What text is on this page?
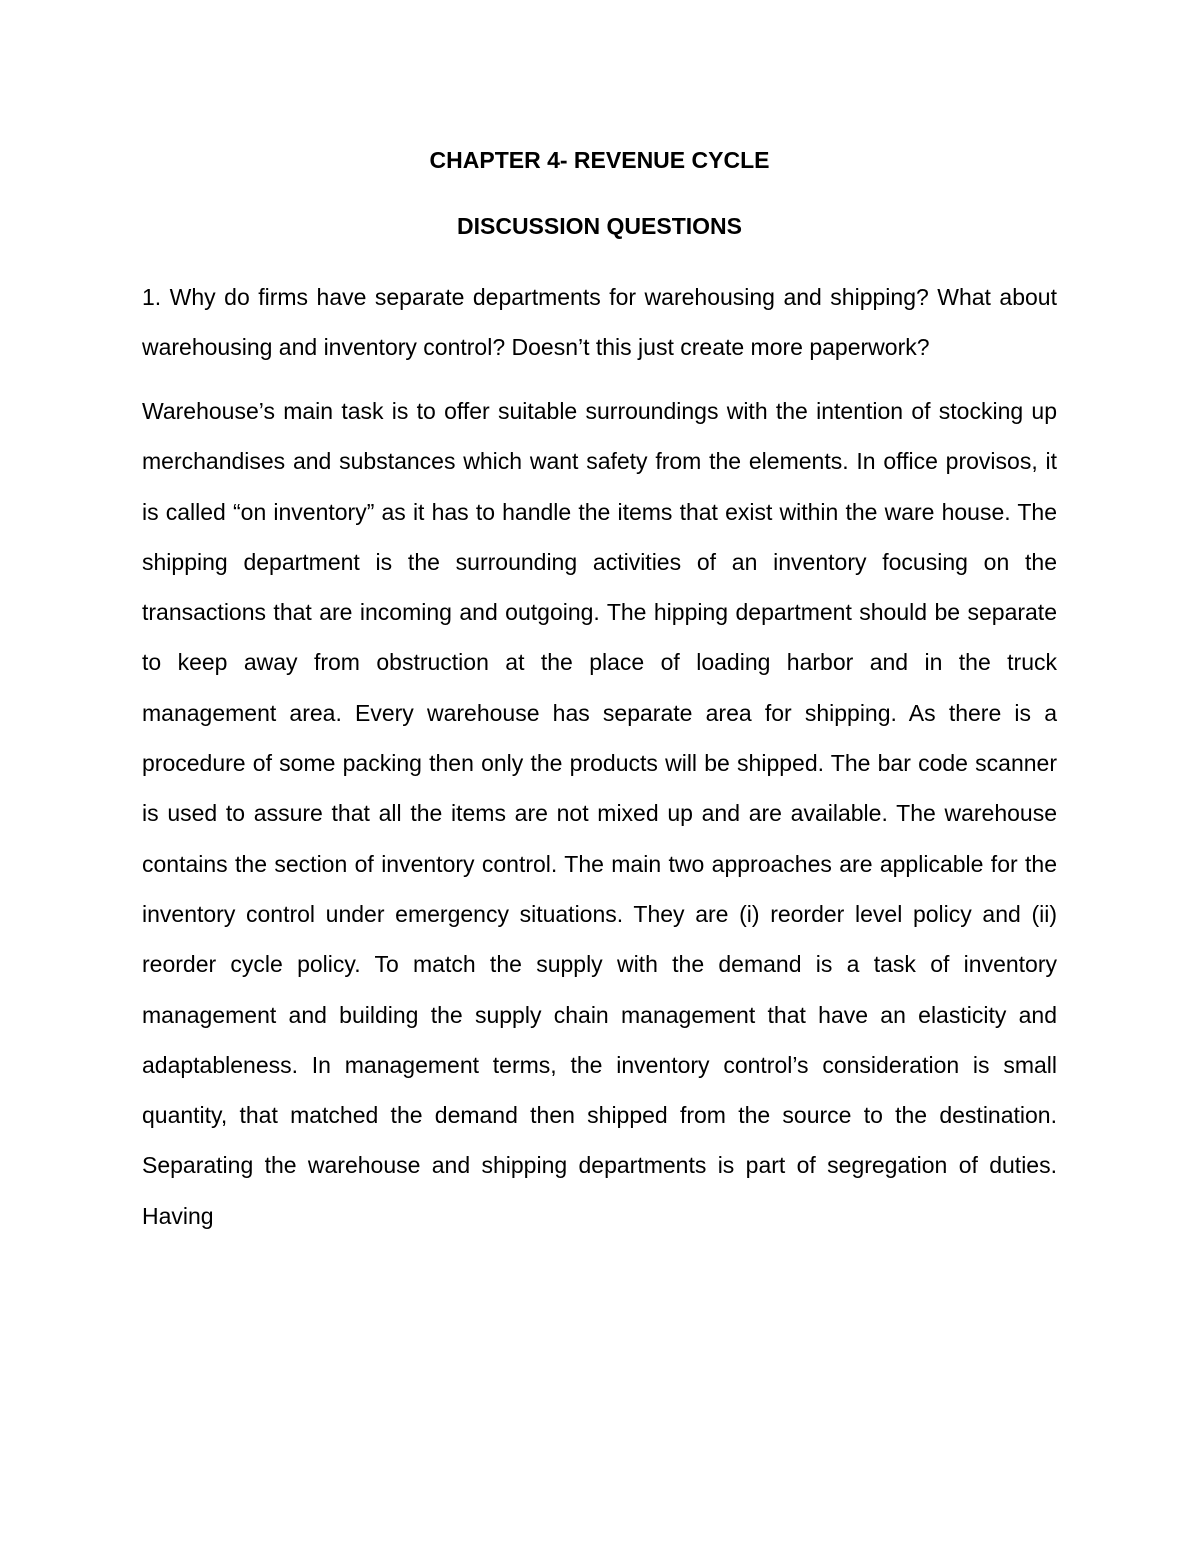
CHAPTER 4- REVENUE CYCLE

DISCUSSION QUESTIONS

1. Why do firms have separate departments for warehousing and shipping? What about warehousing and inventory control? Doesn’t this just create more paperwork?

Warehouse’s main task is to offer suitable surroundings with the intention of stocking up merchandises and substances which want safety from the elements. In office provisos, it is called “on inventory” as it has to handle the items that exist within the ware house. The shipping department is the surrounding activities of an inventory focusing on the transactions that are incoming and outgoing. The hipping department should be separate to keep away from obstruction at the place of loading harbor and in the truck management area. Every warehouse has separate area for shipping. As there is a procedure of some packing then only the products will be shipped. The bar code scanner is used to assure that all the items are not mixed up and are available. The warehouse contains the section of inventory control. The main two approaches are applicable for the inventory control under emergency situations. They are (i) reorder level policy and (ii) reorder cycle policy. To match the supply with the demand is a task of inventory management and building the supply chain management that have an elasticity and adaptableness. In management terms, the inventory control’s consideration is small quantity, that matched the demand then shipped from the source to the destination. Separating the warehouse and shipping departments is part of segregation of duties. Having
